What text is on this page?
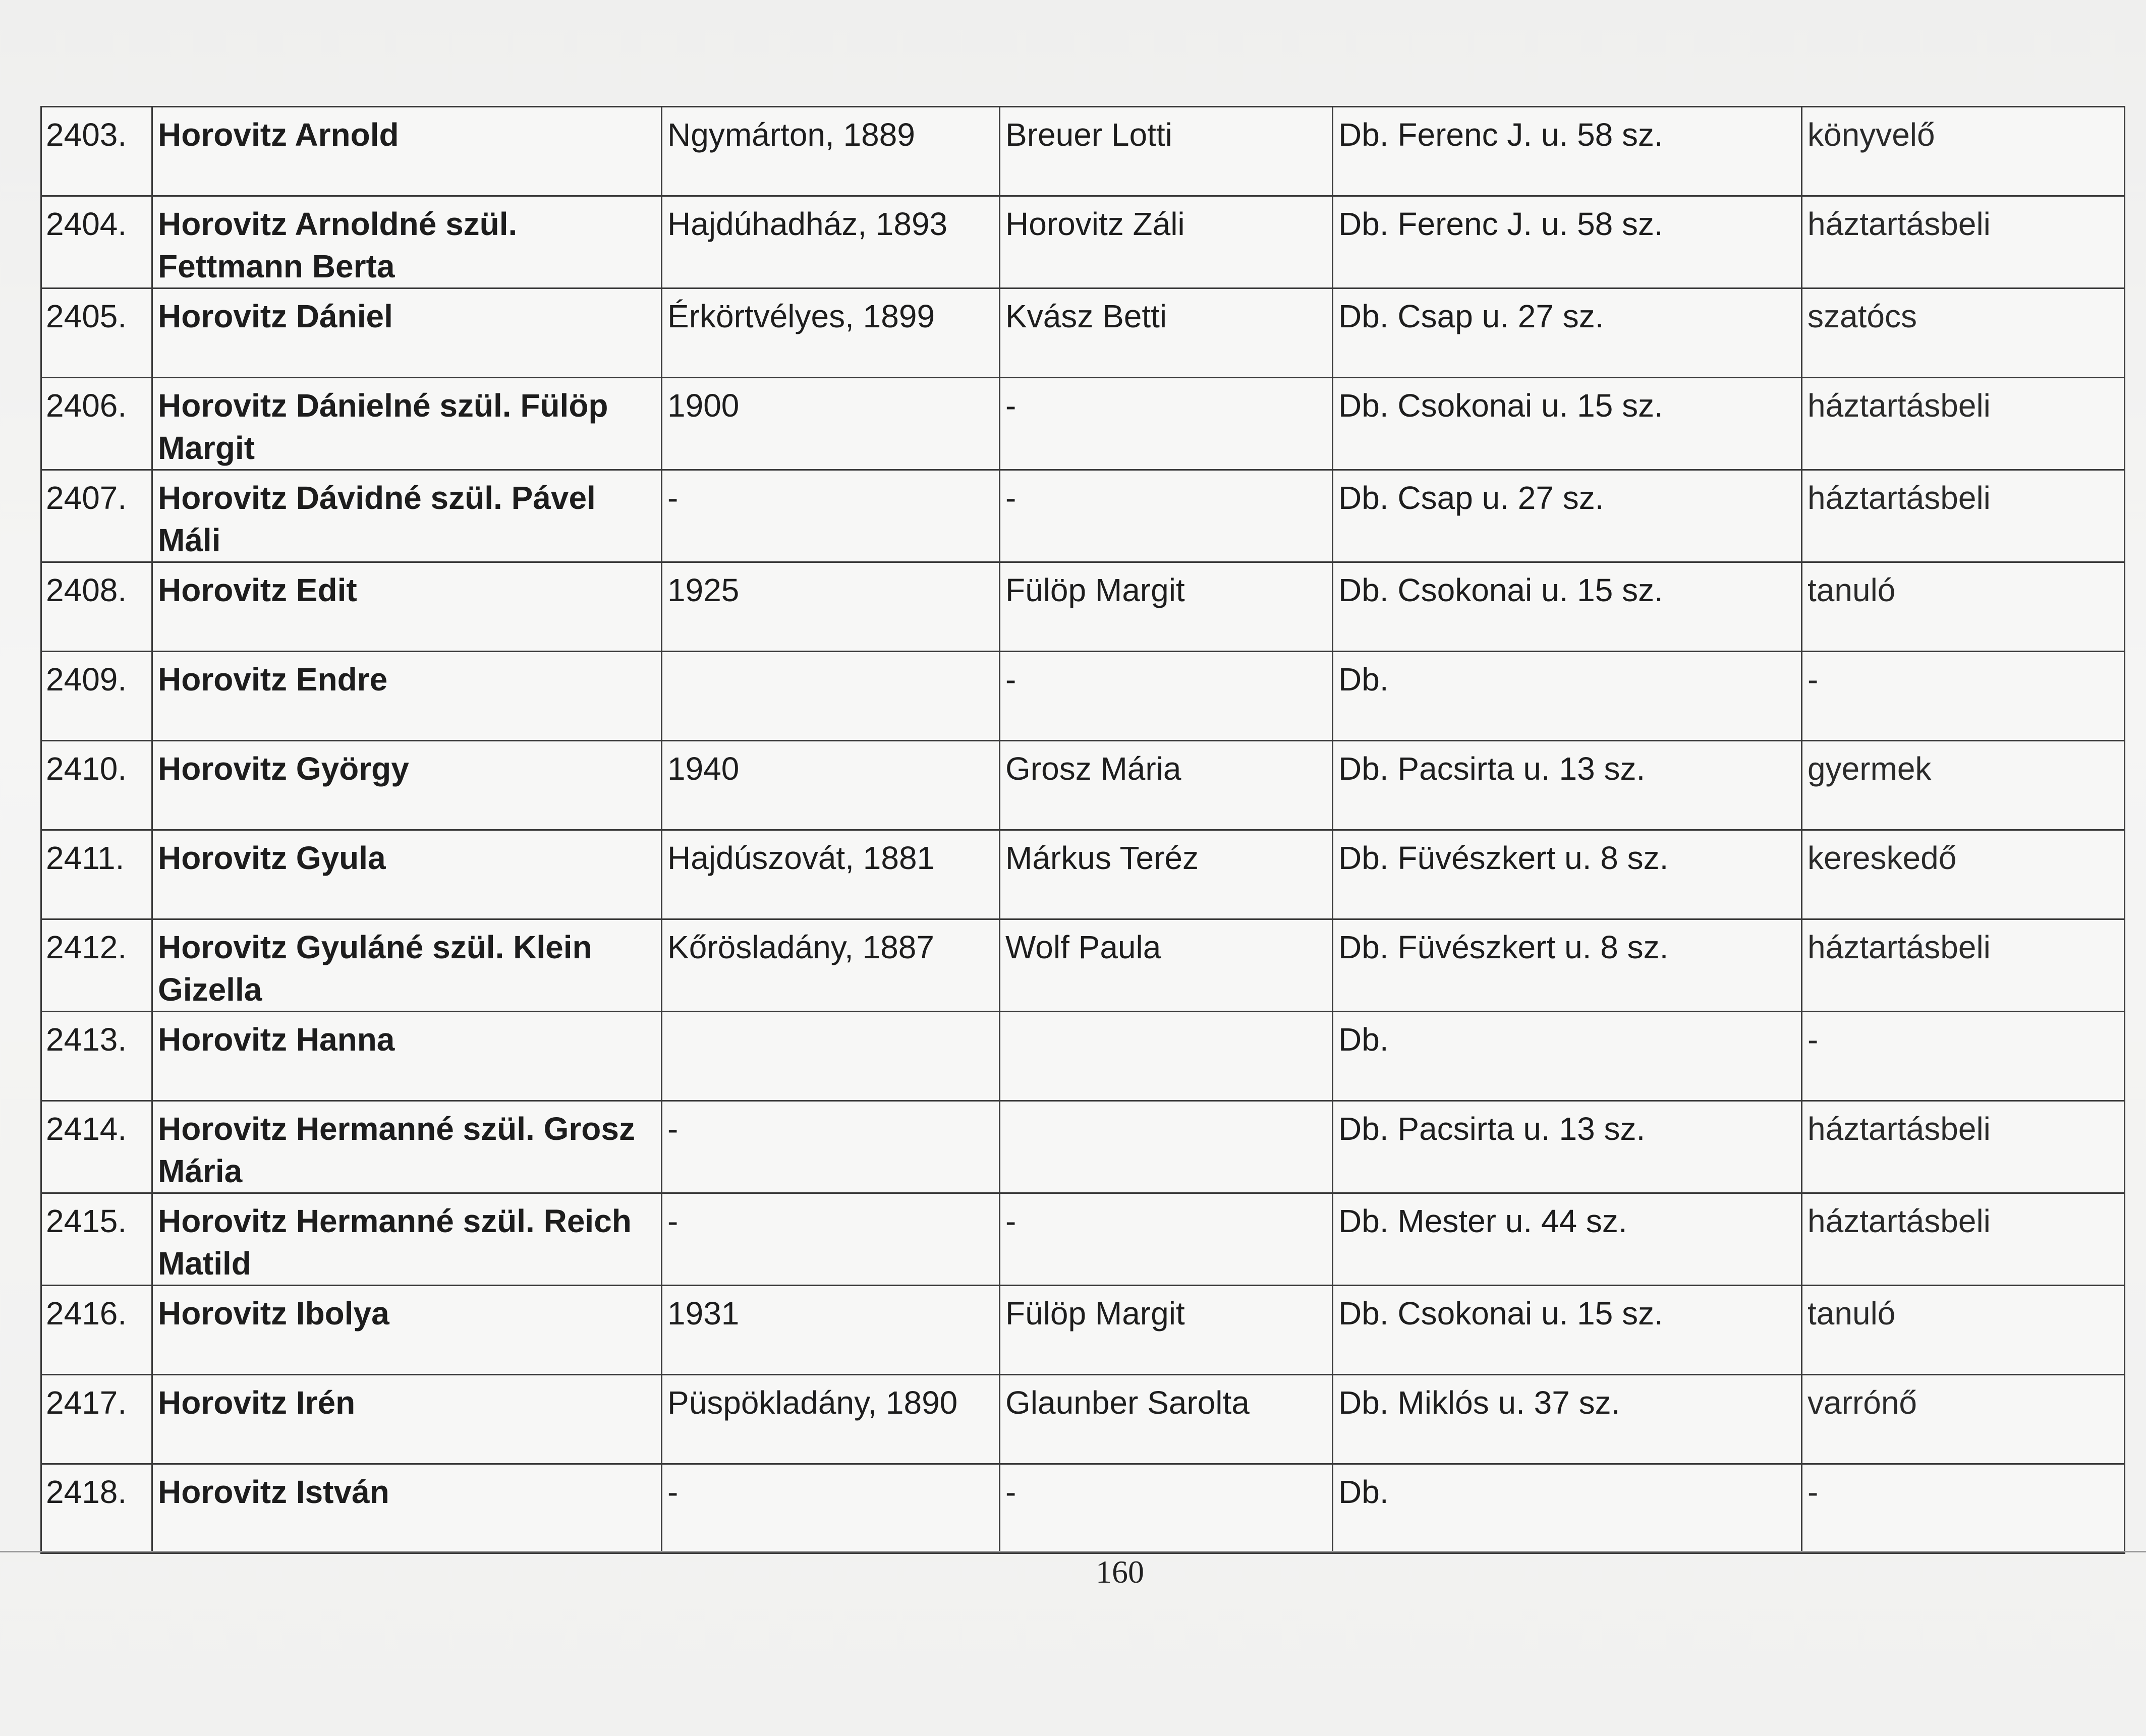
2403.	Horovitz Arnold	Ngymárton, 1889	Breuer Lotti	Db. Ferenc J. u. 58 sz.	könyvelő
2404.	Horovitz Arnoldné szül. Fettmann Berta	Hajdúhadház, 1893	Horovitz Záli	Db. Ferenc J. u. 58 sz.	háztartásbeli
2405.	Horovitz Dániel	Érkörtvélyes, 1899	Kvász Betti	Db. Csap u. 27 sz.	szatócs
2406.	Horovitz Dánielné szül. Fülöp Margit	1900	-	Db. Csokonai u. 15 sz.	háztartásbeli
2407.	Horovitz Dávidné szül. Pável Máli	-	-	Db. Csap u. 27 sz.	háztartásbeli
2408.	Horovitz Edit	1925	Fülöp Margit	Db. Csokonai u. 15 sz.	tanuló
2409.	Horovitz Endre		-	Db.	-
2410.	Horovitz György	1940	Grosz Mária	Db. Pacsirta u. 13 sz.	gyermek
2411.	Horovitz Gyula	Hajdúszovát, 1881	Márkus Teréz	Db. Füvészkert u. 8 sz.	kereskedő
2412.	Horovitz Gyuláné szül. Klein Gizella	Kőrösladány, 1887	Wolf Paula	Db. Füvészkert u. 8 sz.	háztartásbeli
2413.	Horovitz Hanna			Db.	-
2414.	Horovitz Hermanné szül. Grosz Mária	-		Db. Pacsirta u. 13 sz.	háztartásbeli
2415.	Horovitz Hermanné szül. Reich Matild	-	-	Db. Mester u. 44 sz.	háztartásbeli
2416.	Horovitz Ibolya	1931	Fülöp Margit	Db. Csokonai u. 15 sz.	tanuló
2417.	Horovitz Irén	Püspökladány, 1890	Glaunber Sarolta	Db. Miklós u. 37 sz.	varrónő
2418.	Horovitz István	-	-	Db.	-
160
